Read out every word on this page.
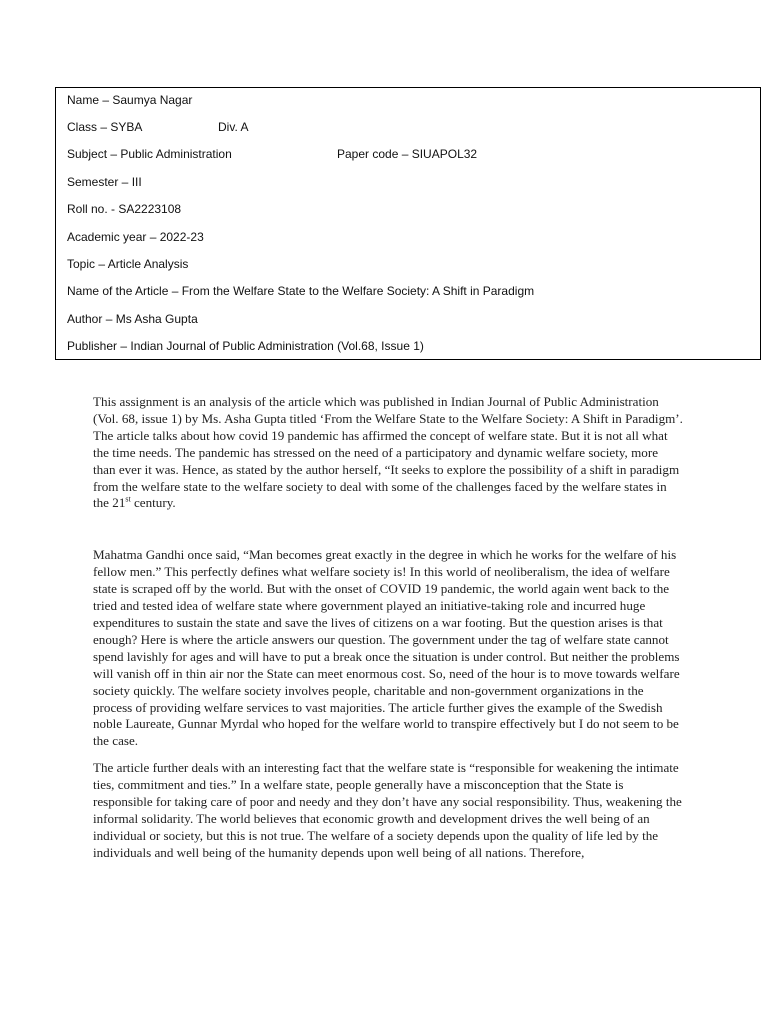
Name – Saumya Nagar
Class – SYBA	Div. A
Subject – Public Administration	Paper code – SIUAPOL32
Semester – III
Roll no. - SA2223108
Academic year – 2022-23
Topic – Article Analysis
Name of the Article – From the Welfare State to the Welfare Society: A Shift in Paradigm
Author – Ms Asha Gupta
Publisher – Indian Journal of Public Administration (Vol.68, Issue 1)

This assignment is an analysis of the article which was published in Indian Journal of Public Administration (Vol. 68, issue 1) by Ms. Asha Gupta titled ‘From the Welfare State to the Welfare Society: A Shift in Paradigm’. The article talks about how covid 19 pandemic has affirmed the concept of welfare state. But it is not all what the time needs. The pandemic has stressed on the need of a participatory and dynamic welfare society, more than ever it was. Hence, as stated by the author herself, “It seeks to explore the possibility of a shift in paradigm from the welfare state to the welfare society to deal with some of the challenges faced by the welfare states in the 21st century.

Mahatma Gandhi once said, “Man becomes great exactly in the degree in which he works for the welfare of his fellow men.” This perfectly defines what welfare society is! In this world of neoliberalism, the idea of welfare state is scraped off by the world. But with the onset of COVID 19 pandemic, the world again went back to the tried and tested idea of welfare state where government played an initiative-taking role and incurred huge expenditures to sustain the state and save the lives of citizens on a war footing. But the question arises is that enough? Here is where the article answers our question. The government under the tag of welfare state cannot spend lavishly for ages and will have to put a break once the situation is under control. But neither the problems will vanish off in thin air nor the State can meet enormous cost. So, need of the hour is to move towards welfare society quickly. The welfare society involves people, charitable and non-government organizations in the process of providing welfare services to vast majorities. The article further gives the example of the Swedish noble Laureate, Gunnar Myrdal who hoped for the welfare world to transpire effectively but I do not seem to be the case.

The article further deals with an interesting fact that the welfare state is “responsible for weakening the intimate ties, commitment and ties.” In a welfare state, people generally have a misconception that the State is responsible for taking care of poor and needy and they don’t have any social responsibility. Thus, weakening the informal solidarity. The world believes that economic growth and development drives the well being of an individual or society, but this is not true. The welfare of a society depends upon the quality of life led by the individuals and well being of the humanity depends upon well being of all nations. Therefore,
